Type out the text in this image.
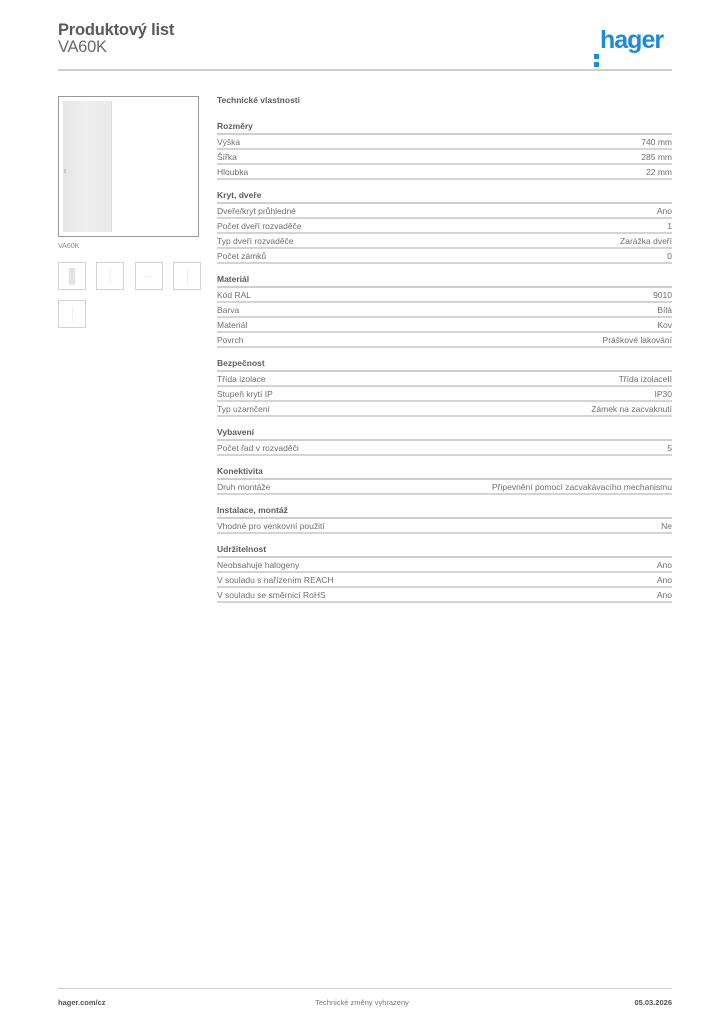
Produktový list
VA60K	hager
VA60K
Technické vlastnosti
Rozměry
Výška	740 mm
Šířka	285 mm
Hloubka	22 mm
Kryt, dveře
Dveře/kryt průhledné	Ano
Počet dveří rozvaděče	1
Typ dveří rozvaděče	Zarážka dveří
Počet zámků	0
Materiál
Kód RAL	9010
Barva	Bílá
Materiál	Kov
Povrch	Práškové lakování
Bezpečnost
Třída izolace	Třída izolaceII
Stupeň krytí IP	IP30
Typ uzamčení	Zámek na zacvaknutí
Vybavení
Počet řad v rozvaděči	5
Konektivita
Druh montáže	Připevnění pomocí zacvakávacího mechanismu
Instalace, montáž
Vhodné pro venkovní použití	Ne
Udržitelnost
Neobsahuje halogeny	Ano
V souladu s nařízením REACH	Ano
V souladu se směrnicí RoHS	Ano
hager.com/cz	Technické změny vyhrazeny	05.03.2026
